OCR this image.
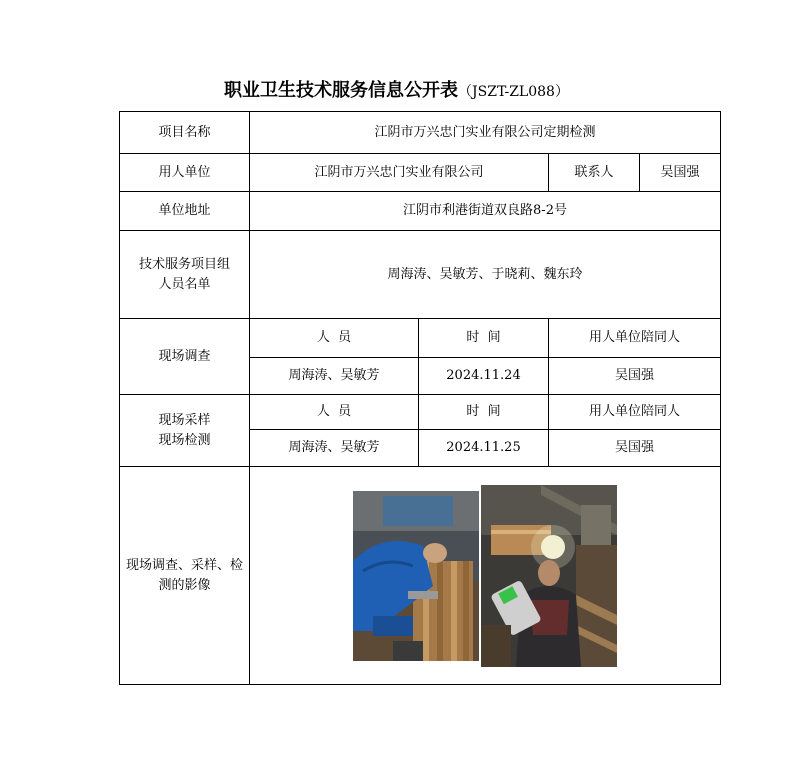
职业卫生技术服务信息公开表（JSZT-ZL088）
项目名称	江阴市万兴忠门实业有限公司定期检测			
用人单位	江阴市万兴忠门实业有限公司		联系人	吴国强
单位地址	江阴市利港街道双良路8-2号			
技术服务项目组人员名单	周海涛、吴敏芳、于晓莉、魏东玲			
现场调查	人  员	时  间	用人单位陪同人	
	周海涛、吴敏芳	2024.11.24	吴国强	
现场采样现场检测	人  员	时  间	用人单位陪同人	
	周海涛、吴敏芳	2024.11.25	吴国强	
现场调查、采样、检测的影像	
